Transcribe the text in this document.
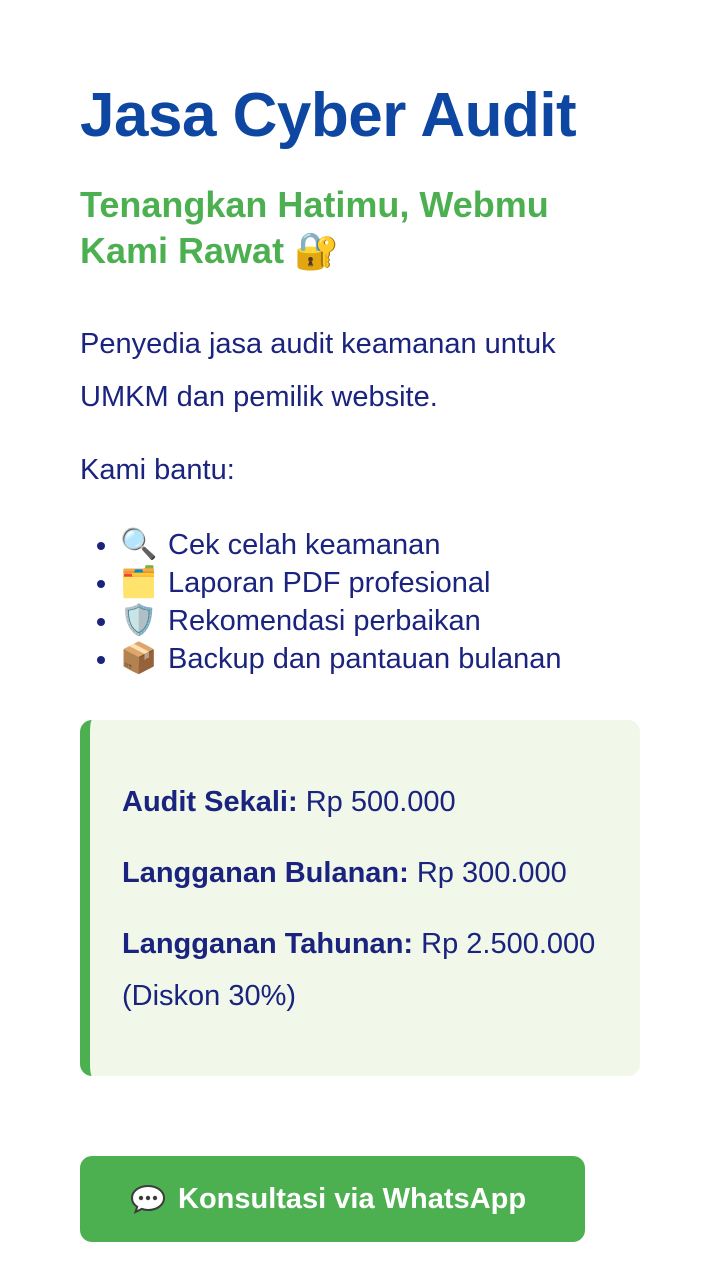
Jasa Cyber Audit
Tenangkan Hatimu, Webmu Kami Rawat 🔐

Penyedia jasa audit keamanan untuk UMKM dan pemilik website.

Kami bantu:

• 🔍 Cek celah keamanan
• 🗂️ Laporan PDF profesional
• 🛡️ Rekomendasi perbaikan
• 📦 Backup dan pantauan bulanan

Audit Sekali: Rp 500.000

Langganan Bulanan: Rp 300.000

Langganan Tahunan: Rp 2.500.000 (Diskon 30%)

Konsultasi via WhatsApp
